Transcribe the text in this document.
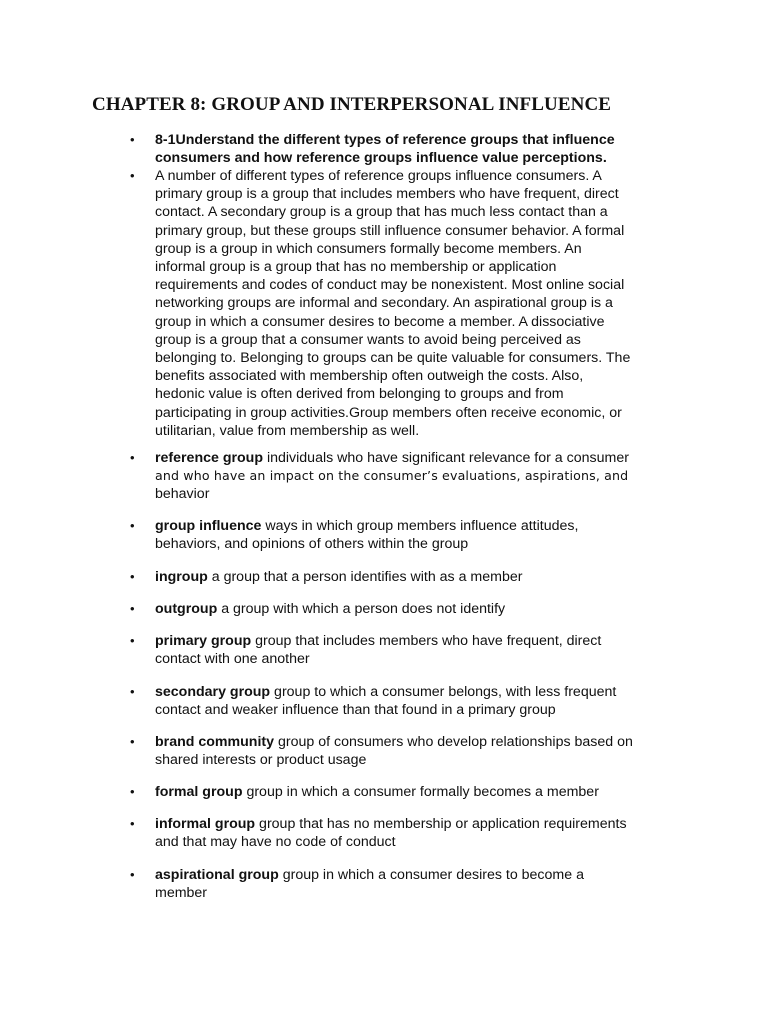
CHAPTER 8: GROUP AND INTERPERSONAL INFLUENCE
•	8-1Understand the different types of reference groups that influence
consumers and how reference groups influence value perceptions.
•	A number of different types of reference groups influence consumers. A
primary group is a group that includes members who have frequent, direct
contact. A secondary group is a group that has much less contact than a
primary group, but these groups still influence consumer behavior. A formal
group is a group in which consumers formally become members. An
informal group is a group that has no membership or application
requirements and codes of conduct may be nonexistent. Most online social
networking groups are informal and secondary. An aspirational group is a
group in which a consumer desires to become a member. A dissociative
group is a group that a consumer wants to avoid being perceived as
belonging to. Belonging to groups can be quite valuable for consumers. The
benefits associated with membership often outweigh the costs. Also,
hedonic value is often derived from belonging to groups and from
participating in group activities.Group members often receive economic, or
utilitarian, value from membership as well.
•	reference group individuals who have significant relevance for a consumer
and who have an impact on the consumer’s evaluations, aspirations, and
behavior
•	group influence ways in which group members influence attitudes,
behaviors, and opinions of others within the group
•	ingroup a group that a person identifies with as a member
•	outgroup a group with which a person does not identify
•	primary group group that includes members who have frequent, direct
contact with one another
•	secondary group group to which a consumer belongs, with less frequent
contact and weaker influence than that found in a primary group
•	brand community group of consumers who develop relationships based on
shared interests or product usage
•	formal group group in which a consumer formally becomes a member
•	informal group group that has no membership or application requirements
and that may have no code of conduct
•	aspirational group group in which a consumer desires to become a
member
